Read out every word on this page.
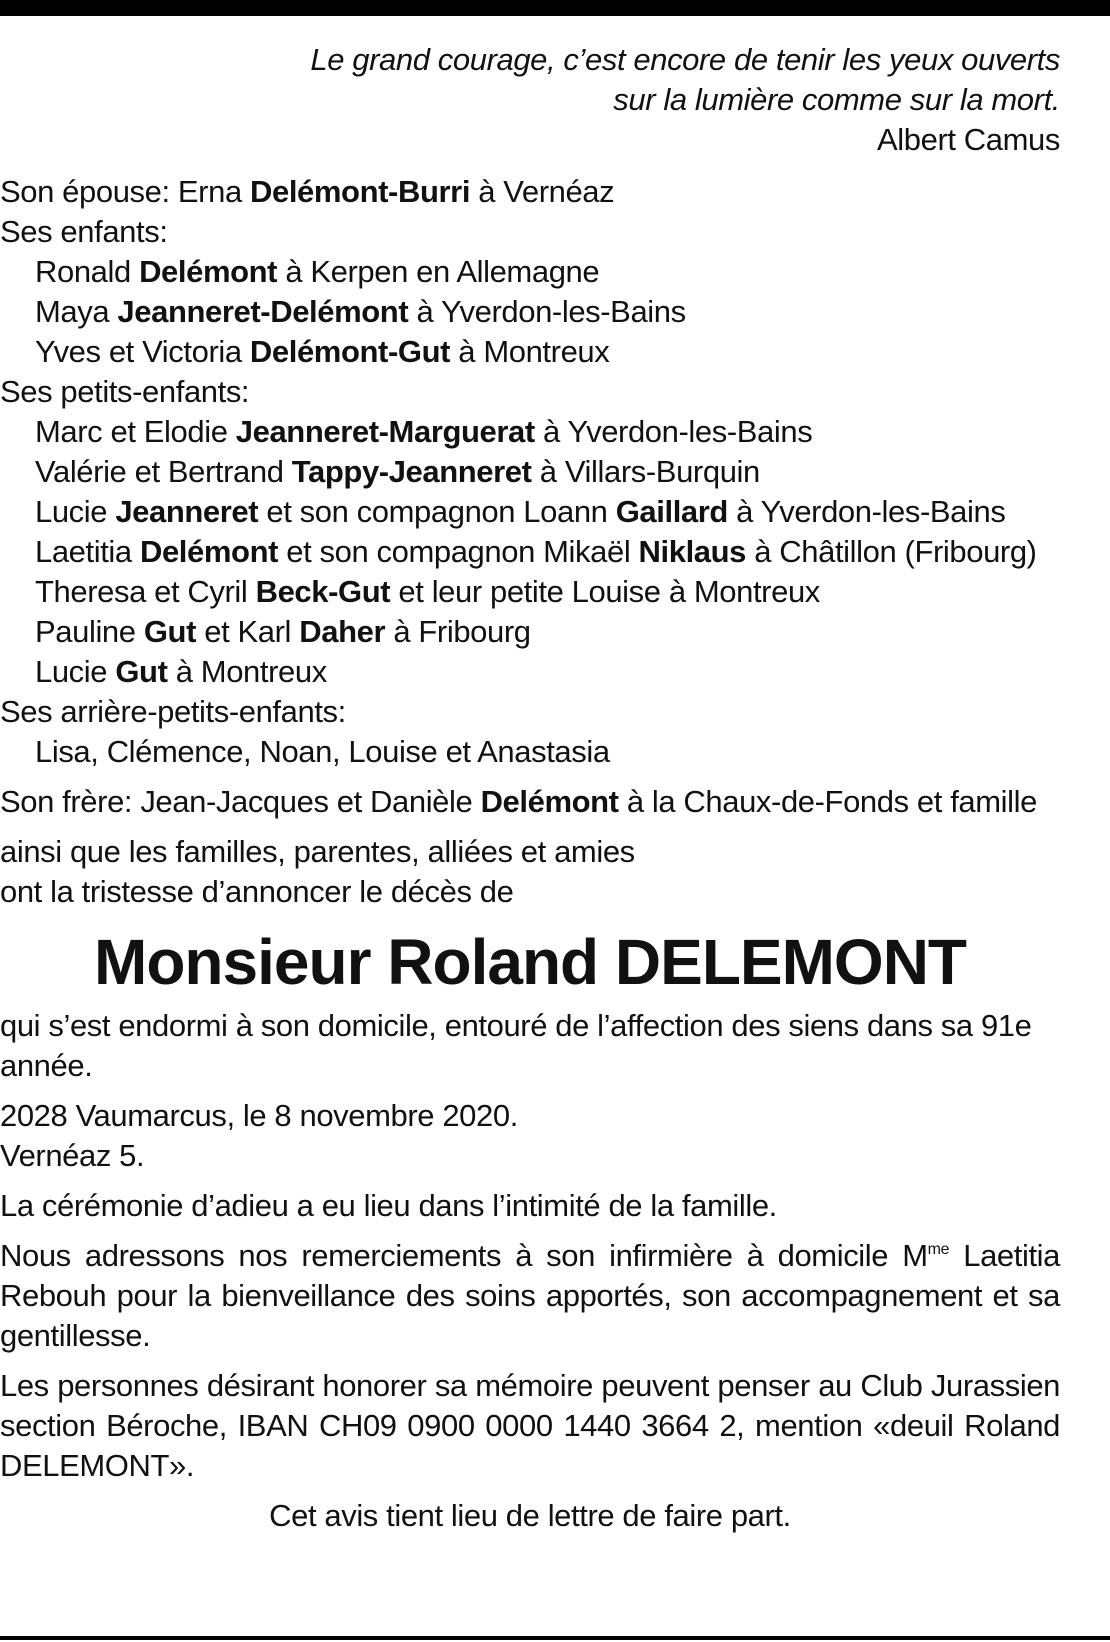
Le grand courage, c’est encore de tenir les yeux ouverts
sur la lumière comme sur la mort.
Albert Camus
Son épouse: Erna Delémont-Burri à Vernéaz
Ses enfants:
Ronald Delémont à Kerpen en Allemagne
Maya Jeanneret-Delémont à Yverdon-les-Bains
Yves et Victoria Delémont-Gut à Montreux
Ses petits-enfants:
Marc et Elodie Jeanneret-Marguerat à Yverdon-les-Bains
Valérie et Bertrand Tappy-Jeanneret à Villars-Burquin
Lucie Jeanneret et son compagnon Loann Gaillard à Yverdon-les-Bains
Laetitia Delémont et son compagnon Mikaël Niklaus à Châtillon (Fribourg)
Theresa et Cyril Beck-Gut et leur petite Louise à Montreux
Pauline Gut et Karl Daher à Fribourg
Lucie Gut à Montreux
Ses arrière-petits-enfants:
Lisa, Clémence, Noan, Louise et Anastasia
Son frère: Jean-Jacques et Danièle Delémont à la Chaux-de-Fonds et famille
ainsi que les familles, parentes, alliées et amies
ont la tristesse d’annoncer le décès de
Monsieur Roland DELEMONT
qui s’est endormi à son domicile, entouré de l’affection des siens dans sa 91e année.
2028 Vaumarcus, le 8 novembre 2020.
Vernéaz 5.
La cérémonie d’adieu a eu lieu dans l’intimité de la famille.
Nous adressons nos remerciements à son infirmière à domicile $M^{me}$ Laetitia Rebouh pour la bienveillance des soins apportés, son accompagnement et sa gentillesse.
Les personnes désirant honorer sa mémoire peuvent penser au Club Jurassien section Béroche, IBAN CH09 0900 0000 1440 3664 2, mention «deuil Roland DELEMONT».
Cet avis tient lieu de lettre de faire part.
